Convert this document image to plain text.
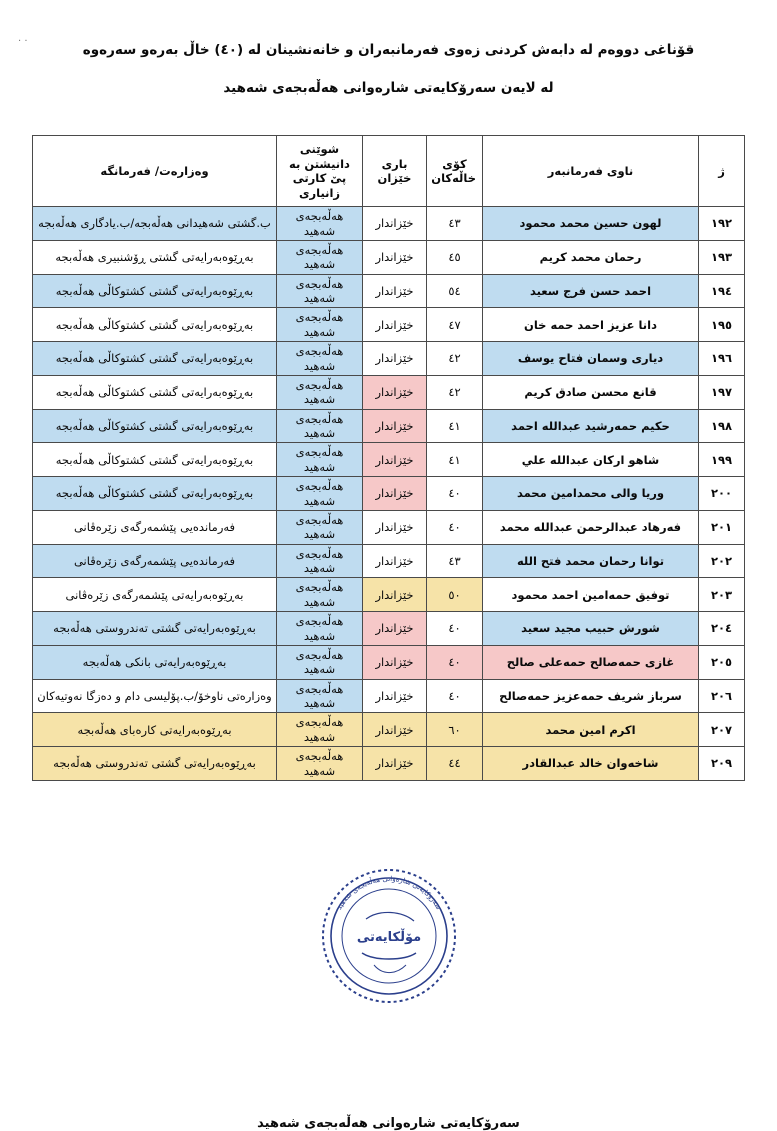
· ·
قۆناغی دووەم لە دابەش کردنی زەوی فەرمانبەران و خانەنشینان لە (٤٠) خاڵ بەرەو سەرەوە
لە لایەن سەرۆکایەتی شارەوانی هەڵەبجەی شەهید
ژ	ناوی فەرمانبەر	کۆی خاڵەکان	باری خێزان	شوێنی دانیشتن بە پێ کارتی زانیاری	وەزارەت/ فەرمانگە
١٩٢	لهون حسين محمد محمود	٤٣	خێزاندار	هەڵەبجەی شەهید	ب.گشتی شەهیدانی هەڵەبجە/ب.یادگاری هەڵەبجە
١٩٣	رحمان محمد کریم	٤٥	خێزاندار	هەڵەبجەی شەهید	بەڕێوەبەرایەتی گشتی ڕۆشنبیری هەڵەبجە
١٩٤	احمد حسن فرج سعيد	٥٤	خێزاندار	هەڵەبجەی شەهید	بەڕێوەبەرایەتی گشتی کشتوکاڵی هەڵەبجە
١٩٥	دانا عزیز احمد حمه خان	٤٧	خێزاندار	هەڵەبجەی شەهید	بەڕێوەبەرایەتی گشتی کشتوکاڵی هەڵەبجە
١٩٦	دیاری وسمان فتاح یوسف	٤٢	خێزاندار	هەڵەبجەی شەهید	بەڕێوەبەرایەتی گشتی کشتوکاڵی هەڵەبجە
١٩٧	قانع محسن صادق کریم	٤٢	خێزاندار	هەڵەبجەی شەهید	بەڕێوەبەرایەتی گشتی کشتوکاڵی هەڵەبجە
١٩٨	حکیم حمه‌رشید عبدالله احمد	٤١	خێزاندار	هەڵەبجەی شەهید	بەڕێوەبەرایەتی گشتی کشتوکاڵی هەڵەبجە
١٩٩	شاهو ارکان عبدالله علي	٤١	خێزاندار	هەڵەبجەی شەهید	بەڕێوەبەرایەتی گشتی کشتوکاڵی هەڵەبجە
٢٠٠	وریا والی محمدامین محمد	٤٠	خێزاندار	هەڵەبجەی شەهید	بەڕێوەبەرایەتی گشتی کشتوکاڵی هەڵەبجە
٢٠١	فەرهاد عبدالرحمن عبدالله محمد	٤٠	خێزاندار	هەڵەبجەی شەهید	فەرماندەیی پێشمەرگەی زێرەڤانی
٢٠٢	توانا رحمان محمد فتح الله	٤٣	خێزاندار	هەڵەبجەی شەهید	فەرماندەیی پێشمەرگەی زێرەڤانی
٢٠٣	توفیق حمه‌امین احمد محمود	٥٠	خێزاندار	هەڵەبجەی شەهید	بەڕێوەبەرایەتی پێشمەرگەی زێرەڤانی
٢٠٤	شورش حبیب مجید سعید	٤٠	خێزاندار	هەڵەبجەی شەهید	بەڕێوەبەرایەتی گشتی تەندروستی هەڵەبجە
٢٠٥	غازی حمه‌صالح حمه‌علی صالح	٤٠	خێزاندار	هەڵەبجەی شەهید	بەڕێوەبەرایەتی بانکی هەڵەبجە
٢٠٦	سرباز شریف حمه‌عزیز حمه‌صالح	٤٠	خێزاندار	هەڵەبجەی شەهید	وەزارەتی ناوخۆ/ب.پۆلیسی دام و دەزگا نەوتیەکان
٢٠٧	اکرم امین محمد	٦٠	خێزاندار	هەڵەبجەی شەهید	بەڕێوەبەرایەتی کارەبای هەڵەبجە
٢٠٩	شاخەوان خالد عبدالقادر	٤٤	خێزاندار	هەڵەبجەی شەهید	بەڕێوەبەرایەتی گشتی تەندروستی هەڵەبجە
سەرۆکایەتی شارەوانی هەڵەبجەی شەهید
مۆڵکایەتی
سەرۆکایەتی شارەوانی هەڵەبجەی شەهید
